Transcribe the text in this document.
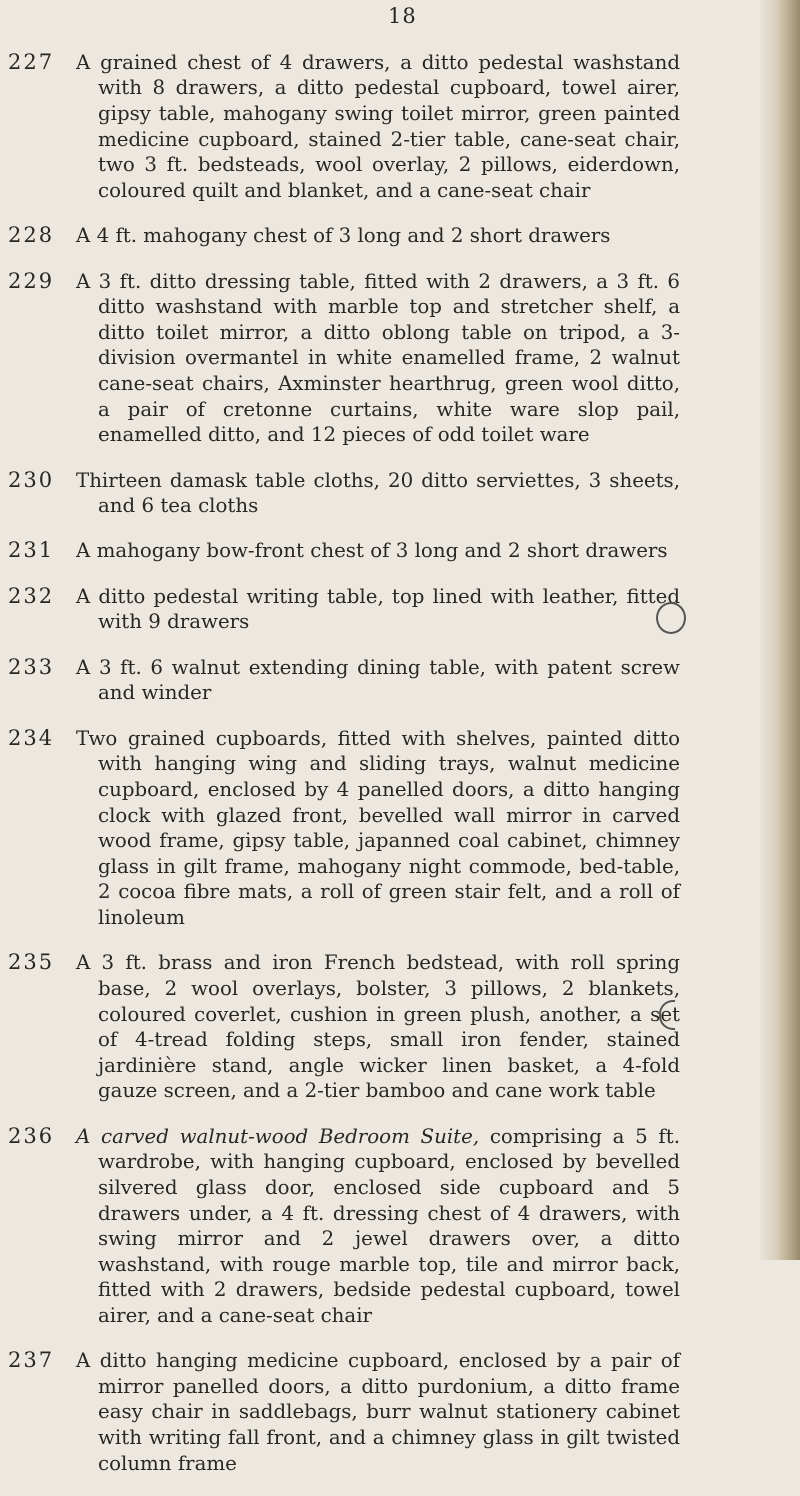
18
227	A grained chest of 4 drawers, a ditto pedestal washstand with 8 drawers, a ditto pedestal cupboard, towel airer, gipsy table, mahogany swing toilet mirror, green painted medicine cupboard, stained 2-tier table, cane-seat chair, two 3 ft. bedsteads, wool overlay, 2 pillows, eiderdown, coloured quilt and blanket, and a cane-seat chair

228	A 4 ft. mahogany chest of 3 long and 2 short drawers

229	A 3 ft. ditto dressing table, fitted with 2 drawers, a 3 ft. 6 ditto washstand with marble top and stretcher shelf, a ditto toilet mirror, a ditto oblong table on tripod, a 3-division overmantel in white enamelled frame, 2 walnut cane-seat chairs, Axminster hearthrug, green wool ditto, a pair of cretonne curtains, white ware slop pail, enamelled ditto, and 12 pieces of odd toilet ware

230	Thirteen damask table cloths, 20 ditto serviettes, 3 sheets, and 6 tea cloths

231	A mahogany bow-front chest of 3 long and 2 short drawers

232	A ditto pedestal writing table, top lined with leather, fitted with 9 drawers

233	A 3 ft. 6 walnut extending dining table, with patent screw and winder

234	Two grained cupboards, fitted with shelves, painted ditto with hanging wing and sliding trays, walnut medicine cupboard, enclosed by 4 panelled doors, a ditto hanging clock with glazed front, bevelled wall mirror in carved wood frame, gipsy table, japanned coal cabinet, chimney glass in gilt frame, mahogany night commode, bed-table, 2 cocoa fibre mats, a roll of green stair felt, and a roll of linoleum

235	A 3 ft. brass and iron French bedstead, with roll spring base, 2 wool overlays, bolster, 3 pillows, 2 blankets, coloured coverlet, cushion in green plush, another, a set of 4-tread folding steps, small iron fender, stained jardinière stand, angle wicker linen basket, a 4-fold gauze screen, and a 2-tier bamboo and cane work table

236	A carved walnut-wood Bedroom Suite, comprising a 5 ft. wardrobe, with hanging cupboard, enclosed by bevelled silvered glass door, enclosed side cupboard and 5 drawers under, a 4 ft. dressing chest of 4 drawers, with swing mirror and 2 jewel drawers over, a ditto washstand, with rouge marble top, tile and mirror back, fitted with 2 drawers, bedside pedestal cupboard, towel airer, and a cane-seat chair

237	A ditto hanging medicine cupboard, enclosed by a pair of mirror panelled doors, a ditto purdonium, a ditto frame easy chair in saddlebags, burr walnut stationery cabinet with writing fall front, and a chimney glass in gilt twisted column frame
